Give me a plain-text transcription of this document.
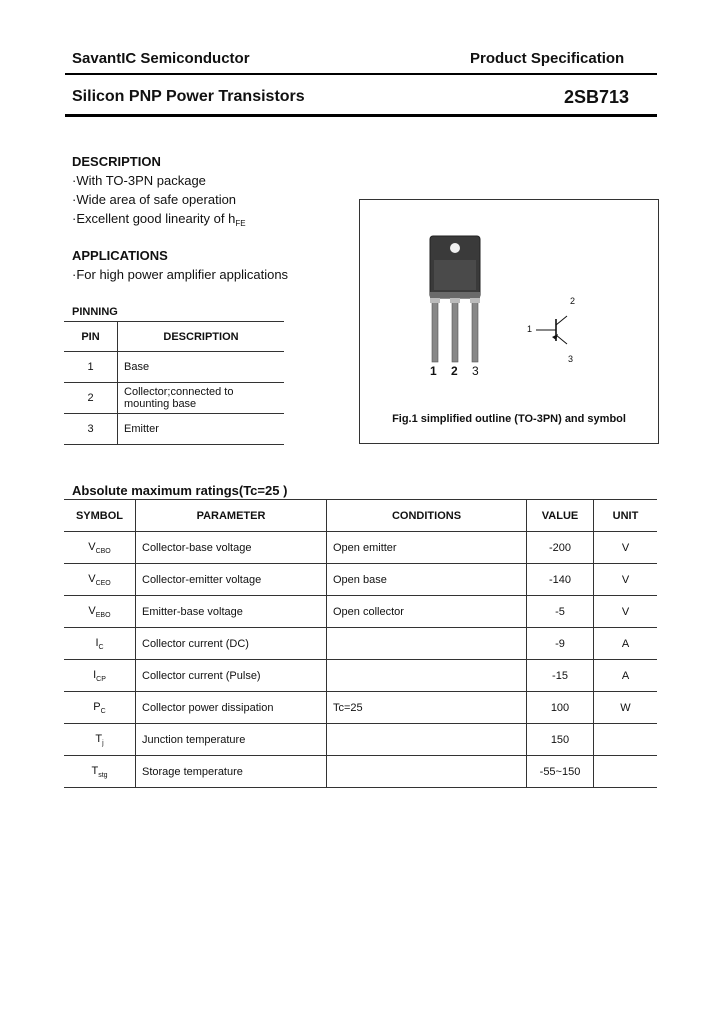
SavantIC Semiconductor	Product Specification
Silicon PNP Power Transistors	2SB713
DESCRIPTION
·With TO-3PN package
·Wide area of safe operation
·Excellent good linearity of $h_{FE}$
APPLICATIONS
·For high power amplifier applications
PINNING
PIN	DESCRIPTION
1	Base
2	Collector;connected to mounting base
3	Emitter
1 2 3
1
2
3
Fig.1 simplified outline (TO-3PN) and symbol
Absolute maximum ratings(Tc=25 )
SYMBOL	PARAMETER	CONDITIONS	VALUE	UNIT
$V_{CBO}$	Collector-base voltage	Open emitter	-200	V
$V_{CEO}$	Collector-emitter voltage	Open base	-140	V
$V_{EBO}$	Emitter-base voltage	Open collector	-5	V
$I_C$	Collector current (DC)		-9	A
$I_{CP}$	Collector current (Pulse)		-15	A
$P_C$	Collector power dissipation	Tc=25	100	W
$T_j$	Junction temperature		150	
$T_{stg}$	Storage temperature		-55~150	
